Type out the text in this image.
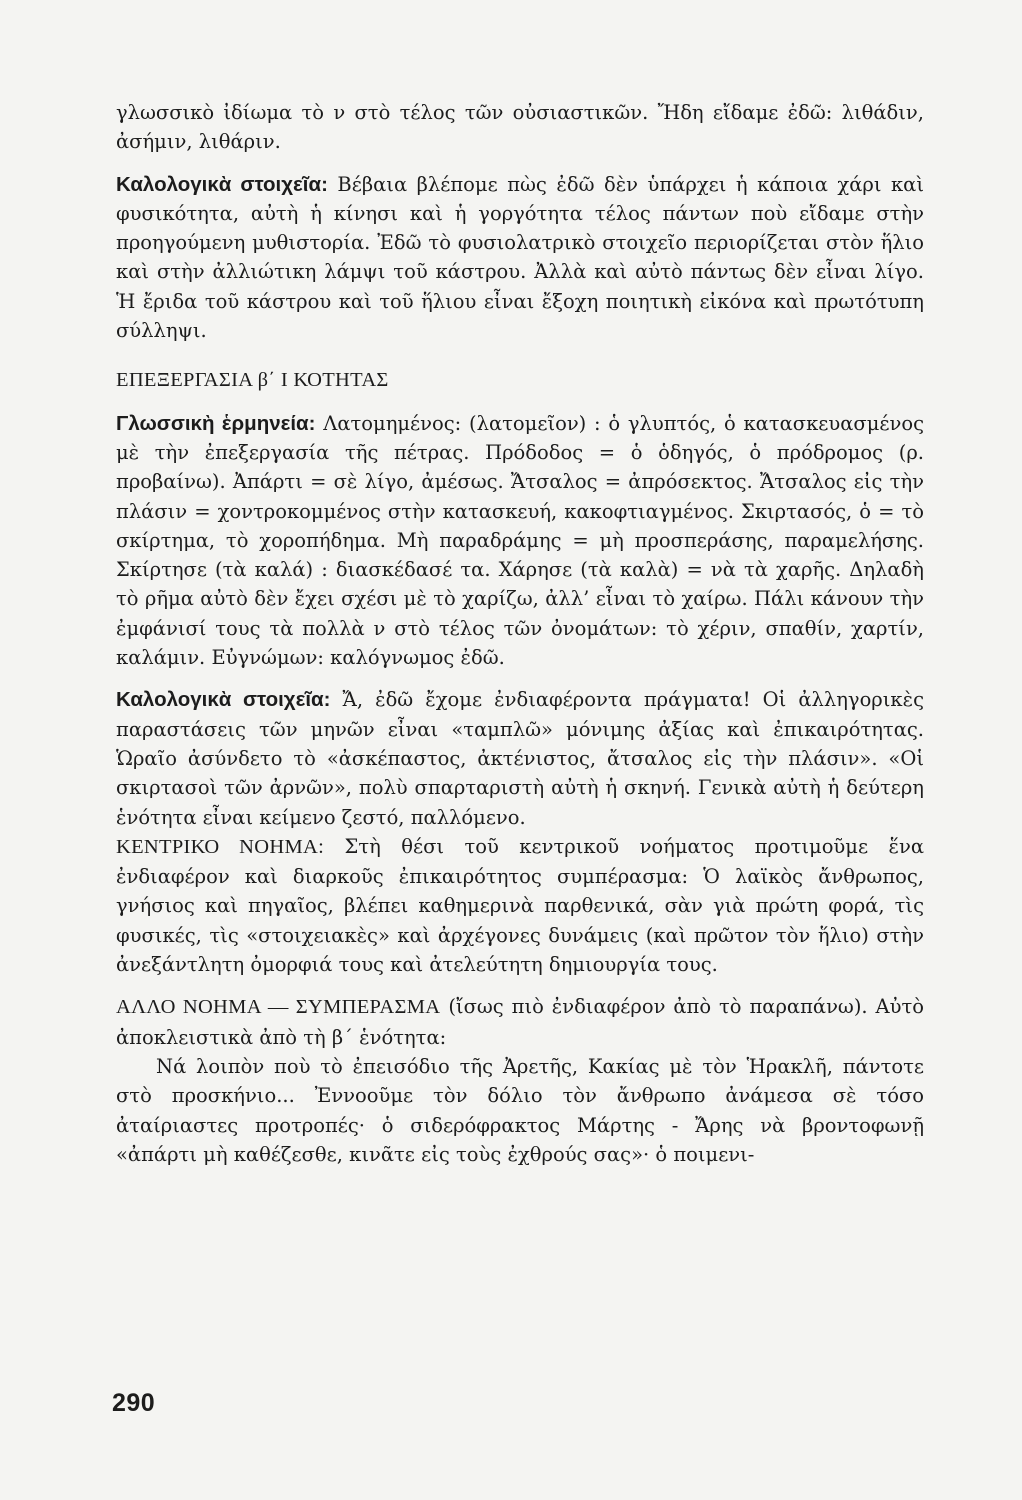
γλωσσικὸ ἰδίωμα τὸ ν στὸ τέλος τῶν οὐσιαστικῶν. Ἤδη εἴδαμε ἐδῶ: λιθάδιν, ἀσήμιν, λιθάριν.

Καλολογικὰ στοιχεῖα: Βέβαια βλέπομε πὼς ἐδῶ δὲν ὑπάρχει ἡ κάποια χάρι καὶ φυσικότητα, αὐτὴ ἡ κίνησι καὶ ἡ γοργότητα τέλος πάντων ποὺ εἴδαμε στὴν προηγούμενη μυθιστορία. Ἐδῶ τὸ φυσιολατρικὸ στοιχεῖο περιορίζεται στὸν ἥλιο καὶ στὴν ἀλλιώτικη λάμψι τοῦ κάστρου. Ἀλλὰ καὶ αὐτὸ πάντως δὲν εἶναι λίγο. Ἡ ἔριδα τοῦ κάστρου καὶ τοῦ ἥλιου εἶναι ἔξοχη ποιητικὴ εἰκόνα καὶ πρωτότυπη σύλληψι.

ΕΠΕΞΕΡΓΑΣΙΑ β΄ Ι ΚΟΤΗΤΑΣ

Γλωσσικὴ ἑρμηνεία: Λατομημένος: (λατομεῖον) : ὁ γλυπτός, ὁ κατασκευασμένος μὲ τὴν ἐπεξεργασία τῆς πέτρας. Πρόδοδος = ὁ ὁδηγός, ὁ πρόδρομος (ρ. προβαίνω). Ἀπάρτι = σὲ λίγο, ἀμέσως. Ἄτσαλος = ἀπρόσεκτος. Ἄτσαλος εἰς τὴν πλάσιν = χοντροκομμένος στὴν κατασκευή, κακοφτιαγμένος. Σκιρτασός, ὁ = τὸ σκίρτημα, τὸ χοροπήδημα. Μὴ παραδράμης = μὴ προσπεράσης, παραμελήσης. Σκίρτησε (τὰ καλά) : διασκέδασέ τα. Χάρησε (τὰ καλὰ) = νὰ τὰ χαρῆς. Δηλαδὴ τὸ ρῆμα αὐτὸ δὲν ἔχει σχέσι μὲ τὸ χαρίζω, ἀλλ’ εἶναι τὸ χαίρω. Πάλι κάνουν τὴν ἐμφάνισί τους τὰ πολλὰ ν στὸ τέλος τῶν ὀνομάτων: τὸ χέριν, σπαθίν, χαρτίν, καλάμιν. Εὐγνώμων: καλόγνωμος ἐδῶ.

Καλολογικὰ στοιχεῖα: Ἄ, ἐδῶ ἔχομε ἐνδιαφέροντα πράγματα! Οἱ ἀλληγορικὲς παραστάσεις τῶν μηνῶν εἶναι «ταμπλῶ» μόνιμης ἀξίας καὶ ἐπικαιρότητας. Ὡραῖο ἀσύνδετο τὸ «ἀσκέπαστος, ἀκτένιστος, ἄτσαλος εἰς τὴν πλάσιν». «Οἱ σκιρτασοὶ τῶν ἀρνῶν», πολὺ σπαρταριστὴ αὐτὴ ἡ σκηνή. Γενικὰ αὐτὴ ἡ δεύτερη ἑνότητα εἶναι κείμενο ζεστό, παλλόμενο.

ΚΕΝΤΡΙΚΟ ΝΟΗΜΑ: Στὴ θέσι τοῦ κεντρικοῦ νοήματος προτιμοῦμε ἕνα ἐνδιαφέρον καὶ διαρκοῦς ἐπικαιρότητος συμπέρασμα: Ὁ λαϊκὸς ἄνθρωπος, γνήσιος καὶ πηγαῖος, βλέπει καθημερινὰ παρθενικά, σὰν γιὰ πρώτη φορά, τὶς φυσικές, τὶς «στοιχειακὲς» καὶ ἀρχέγονες δυνάμεις (καὶ πρῶτον τὸν ἥλιο) στὴν ἀνεξάντλητη ὀμορφιά τους καὶ ἀτελεύτητη δημιουργία τους.

ΑΛΛΟ ΝΟΗΜΑ — ΣΥΜΠΕΡΑΣΜΑ (ἴσως πιὸ ἐνδιαφέρον ἀπὸ τὸ παραπάνω). Αὐτὸ ἀποκλειστικὰ ἀπὸ τὴ β΄ ἑνότητα:

Νά λοιπὸν ποὺ τὸ ἐπεισόδιο τῆς Ἀρετῆς, Κακίας μὲ τὸν Ἡρακλῆ, πάντοτε στὸ προσκήνιο... Ἐννοοῦμε τὸν δόλιο τὸν ἄνθρωπο ἀνάμεσα σὲ τόσο ἀταίριαστες προτροπές· ὁ σιδερόφρακτος Μάρτης - Ἄρης νὰ βροντοφωνῇ «ἀπάρτι μὴ καθέζεσθε, κινᾶτε εἰς τοὺς ἐχθρούς σας»· ὁ ποιμενι-

290
